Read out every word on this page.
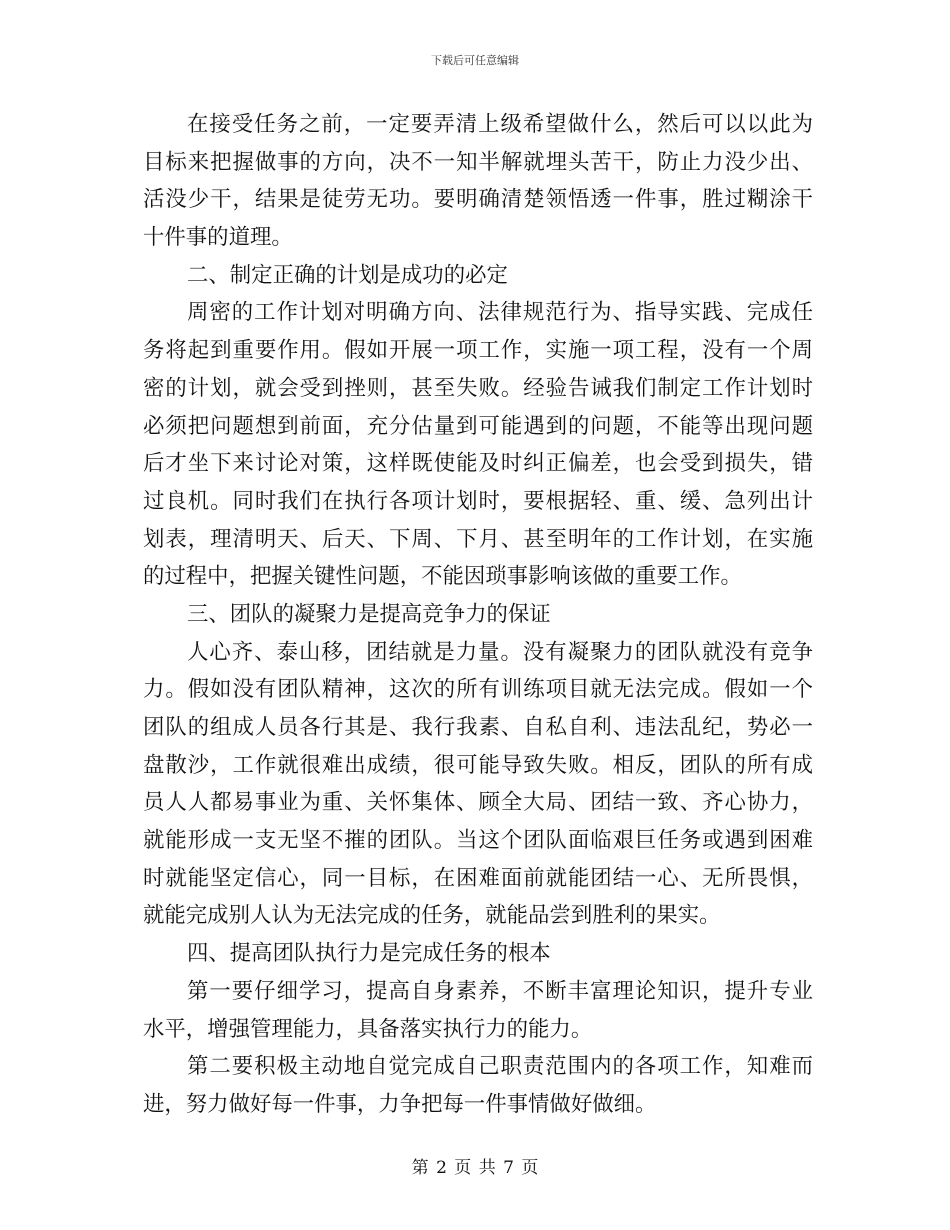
下载后可任意编辑
在接受任务之前，一定要弄清上级希望做什么，然后可以以此为
目标来把握做事的方向，决不一知半解就埋头苦干，防止力没少出、
活没少干，结果是徒劳无功。要明确清楚领悟透一件事，胜过糊涂干
十件事的道理。
二、制定正确的计划是成功的必定
周密的工作计划对明确方向、法律规范行为、指导实践、完成任
务将起到重要作用。假如开展一项工作，实施一项工程，没有一个周
密的计划，就会受到挫则，甚至失败。经验告诫我们制定工作计划时
必须把问题想到前面，充分估量到可能遇到的问题，不能等出现问题
后才坐下来讨论对策，这样既使能及时纠正偏差，也会受到损失，错
过良机。同时我们在执行各项计划时，要根据轻、重、缓、急列出计
划表，理清明天、后天、下周、下月、甚至明年的工作计划，在实施
的过程中，把握关键性问题，不能因琐事影响该做的重要工作。
三、团队的凝聚力是提高竞争力的保证
人心齐、泰山移，团结就是力量。没有凝聚力的团队就没有竞争
力。假如没有团队精神，这次的所有训练项目就无法完成。假如一个
团队的组成人员各行其是、我行我素、自私自利、违法乱纪，势必一
盘散沙，工作就很难出成绩，很可能导致失败。相反，团队的所有成
员人人都易事业为重、关怀集体、顾全大局、团结一致、齐心协力，
就能形成一支无坚不摧的团队。当这个团队面临艰巨任务或遇到困难
时就能坚定信心，同一目标，在困难面前就能团结一心、无所畏惧，
就能完成别人认为无法完成的任务，就能品尝到胜利的果实。
四、提高团队执行力是完成任务的根本
第一要仔细学习，提高自身素养，不断丰富理论知识，提升专业
水平，增强管理能力，具备落实执行力的能力。
第二要积极主动地自觉完成自己职责范围内的各项工作，知难而
进，努力做好每一件事，力争把每一件事情做好做细。
第 2 页 共 7 页
